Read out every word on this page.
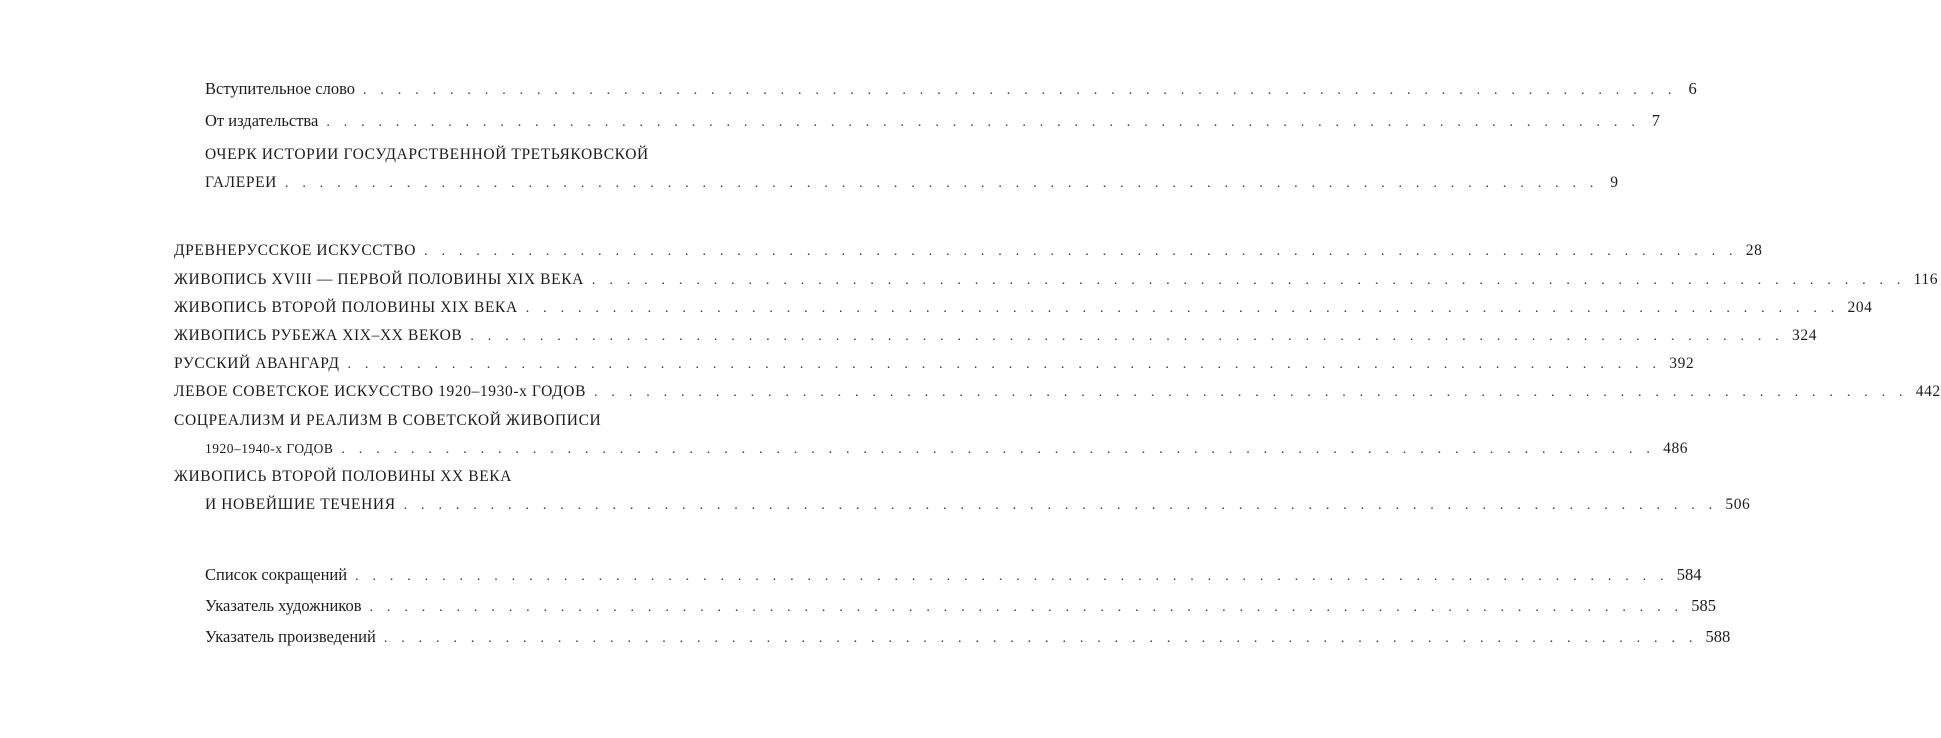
Вступительное слово . . . . . . . . . . . . . . . . . . . . . . . . . . . . . . . . . . . . . . . . . . . . . . . . . . . . . . . . . . . . . . . . . . . . . . . . . . . . 6
От издательства . . . . . . . . . . . . . . . . . . . . . . . . . . . . . . . . . . . . . . . . . . . . . . . . . . . . . . . . . . . . . . . . . . . . . . . . . . . . 7
ОЧЕРК ИСТОРИИ ГОСУДАРСТВЕННОЙ ТРЕТЬЯКОВСКОЙ
ГАЛЕРЕИ . . . . . . . . . . . . . . . . . . . . . . . . . . . . . . . . . . . . . . . . . . . . . . . . . . . . . . . . . . . . . . . . . . . . . . . . . . . . 9
ДРЕВНЕРУССКОЕ ИСКУССТВО . . . . . . . . . . . . . . . . . . . . . . . . . . . . . . . . . . . . . . . . . . . . . . . . . . . . . . . . . . . . . . . . . . . . . . . . . . . . 28
ЖИВОПИСЬ XVIII — ПЕРВОЙ ПОЛОВИНЫ XIX ВЕКА . . . . . . . . . . . . . . . . . . . . . . . . . . . . . . . . . . . . . . . . . . . . . . . . . . . . . . . . . . . . . . . . . . . . . . . . . . . . 116
ЖИВОПИСЬ ВТОРОЙ ПОЛОВИНЫ XIX ВЕКА . . . . . . . . . . . . . . . . . . . . . . . . . . . . . . . . . . . . . . . . . . . . . . . . . . . . . . . . . . . . . . . . . . . . . . . . . . . . 204
ЖИВОПИСЬ РУБЕЖА XIX–XX ВЕКОВ . . . . . . . . . . . . . . . . . . . . . . . . . . . . . . . . . . . . . . . . . . . . . . . . . . . . . . . . . . . . . . . . . . . . . . . . . . . . 324
РУССКИЙ АВАНГАРД . . . . . . . . . . . . . . . . . . . . . . . . . . . . . . . . . . . . . . . . . . . . . . . . . . . . . . . . . . . . . . . . . . . . . . . . . . . . 392
ЛЕВОЕ СОВЕТСКОЕ ИСКУССТВО 1920–1930-х ГОДОВ . . . . . . . . . . . . . . . . . . . . . . . . . . . . . . . . . . . . . . . . . . . . . . . . . . . . . . . . . . . . . . . . . . . . . . . . . . . . 442
СОЦРЕАЛИЗМ И РЕАЛИЗМ В СОВЕТСКОЙ ЖИВОПИСИ
1920–1940-х ГОДОВ . . . . . . . . . . . . . . . . . . . . . . . . . . . . . . . . . . . . . . . . . . . . . . . . . . . . . . . . . . . . . . . . . . . . . . . . . . . . 486
ЖИВОПИСЬ ВТОРОЙ ПОЛОВИНЫ XX ВЕКА
И НОВЕЙШИЕ ТЕЧЕНИЯ . . . . . . . . . . . . . . . . . . . . . . . . . . . . . . . . . . . . . . . . . . . . . . . . . . . . . . . . . . . . . . . . . . . . . . . . . . . . 506
Список сокращений . . . . . . . . . . . . . . . . . . . . . . . . . . . . . . . . . . . . . . . . . . . . . . . . . . . . . . . . . . . . . . . . . . . . . . . . . . . . 584
Указатель художников . . . . . . . . . . . . . . . . . . . . . . . . . . . . . . . . . . . . . . . . . . . . . . . . . . . . . . . . . . . . . . . . . . . . . . . . . . . . 585
Указатель произведений . . . . . . . . . . . . . . . . . . . . . . . . . . . . . . . . . . . . . . . . . . . . . . . . . . . . . . . . . . . . . . . . . . . . . . . . . . . . 588
